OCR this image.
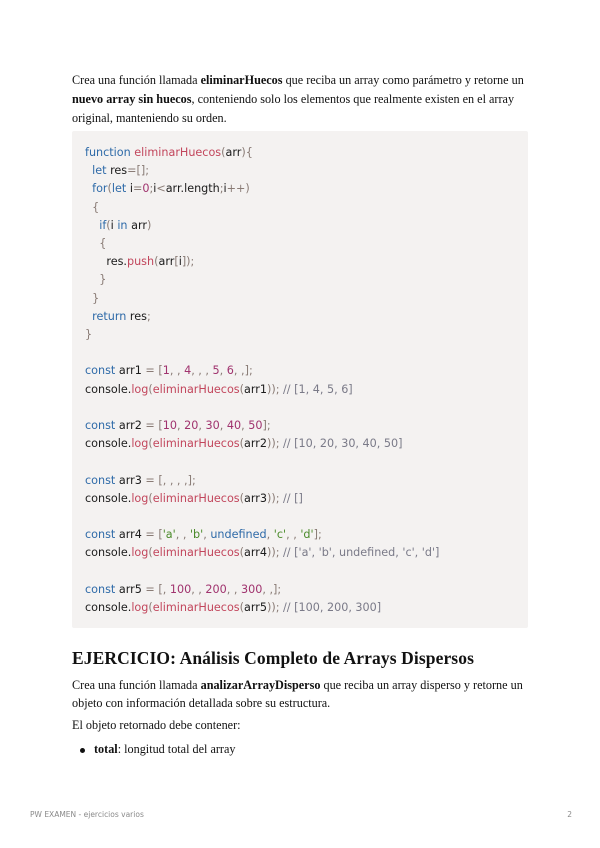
Crea una función llamada eliminarHuecos que reciba un array como parámetro y retorne un nuevo array sin huecos, conteniendo solo los elementos que realmente existen en el array original, manteniendo su orden.

function eliminarHuecos(arr){
let res=[];
for(let i=0;i<arr.length;i++)
{
if(i in arr)
{
res.push(arr[i]);
}
}
return res;
}

const arr1 = [1, , 4, , , 5, 6, ,];
console.log(eliminarHuecos(arr1)); // [1, 4, 5, 6]

const arr2 = [10, 20, 30, 40, 50];
console.log(eliminarHuecos(arr2)); // [10, 20, 30, 40, 50]

const arr3 = [, , , ,];
console.log(eliminarHuecos(arr3)); // []

const arr4 = ['a', , 'b', undefined, 'c', , 'd'];
console.log(eliminarHuecos(arr4)); // ['a', 'b', undefined, 'c', 'd']

const arr5 = [, 100, , 200, , 300, ,];
console.log(eliminarHuecos(arr5)); // [100, 200, 300]
EJERCICIO: Análisis Completo de Arrays Dispersos

Crea una función llamada analizarArrayDisperso que reciba un array disperso y retorne un objeto con información detallada sobre su estructura.

El objeto retornado debe contener:

total: longitud total del array
PW EXAMEN - ejercicios varios	2
